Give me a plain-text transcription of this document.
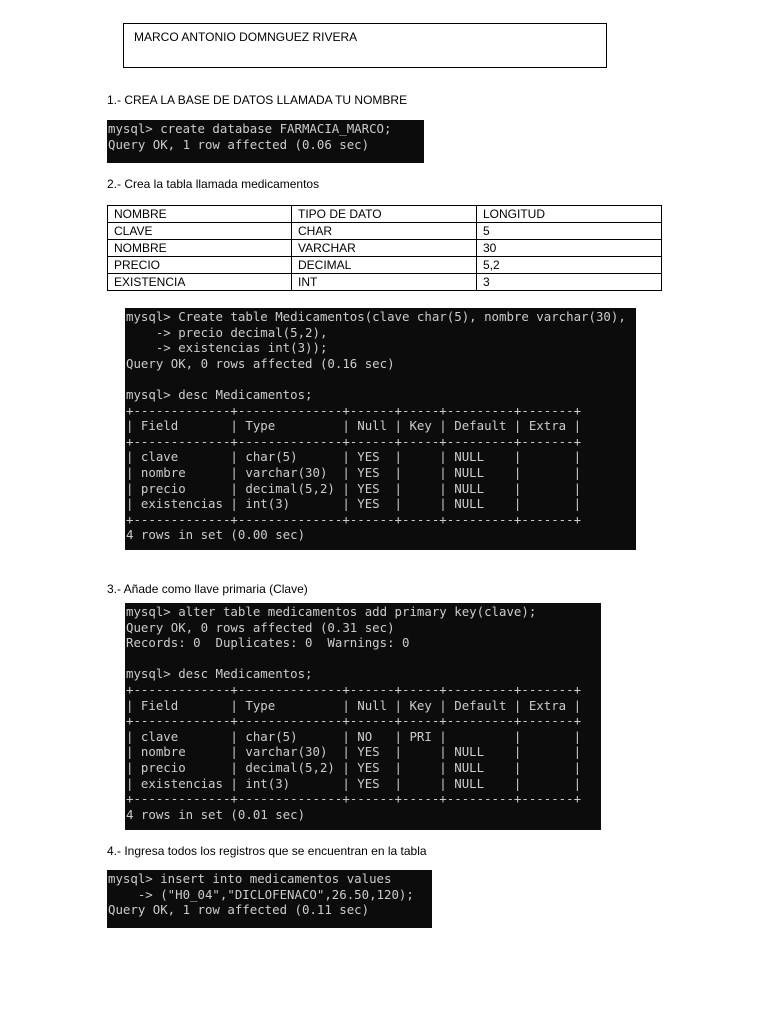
MARCO ANTONIO DOMNGUEZ RIVERA
1.- CREA LA BASE DE DATOS LLAMADA TU NOMBRE
mysql> create database FARMACIA_MARCO;
Query OK, 1 row affected (0.06 sec)
2.- Crea la tabla llamada medicamentos
NOMBRE	TIPO DE DATO	LONGITUD
CLAVE	CHAR	5
NOMBRE	VARCHAR	30
PRECIO	DECIMAL	5,2
EXISTENCIA	INT	3
mysql> Create table Medicamentos(clave char(5), nombre varchar(30),
-> precio decimal(5,2),
-> existencias int(3));
Query OK, 0 rows affected (0.16 sec)
mysql> desc Medicamentos;
+-------------+--------------+------+-----+---------+-------+
| Field       | Type         | Null | Key | Default | Extra |
+-------------+--------------+------+-----+---------+-------+
| clave       | char(5)      | YES  |     | NULL    |       |
| nombre      | varchar(30)  | YES  |     | NULL    |       |
| precio      | decimal(5,2) | YES  |     | NULL    |       |
| existencias | int(3)       | YES  |     | NULL    |       |
+-------------+--------------+------+-----+---------+-------+
4 rows in set (0.00 sec)
3.- Añade como llave primaria (Clave)
mysql> alter table medicamentos add primary key(clave);
Query OK, 0 rows affected (0.31 sec)
Records: 0  Duplicates: 0  Warnings: 0
mysql> desc Medicamentos;
+-------------+--------------+------+-----+---------+-------+
| Field       | Type         | Null | Key | Default | Extra |
+-------------+--------------+------+-----+---------+-------+
| clave       | char(5)      | NO   | PRI |         |       |
| nombre      | varchar(30)  | YES  |     | NULL    |       |
| precio      | decimal(5,2) | YES  |     | NULL    |       |
| existencias | int(3)       | YES  |     | NULL    |       |
+-------------+--------------+------+-----+---------+-------+
4 rows in set (0.01 sec)
4.- Ingresa todos los registros que se encuentran en la tabla
mysql> insert into medicamentos values
-> ("H0_04","DICLOFENACO",26.50,120);
Query OK, 1 row affected (0.11 sec)
